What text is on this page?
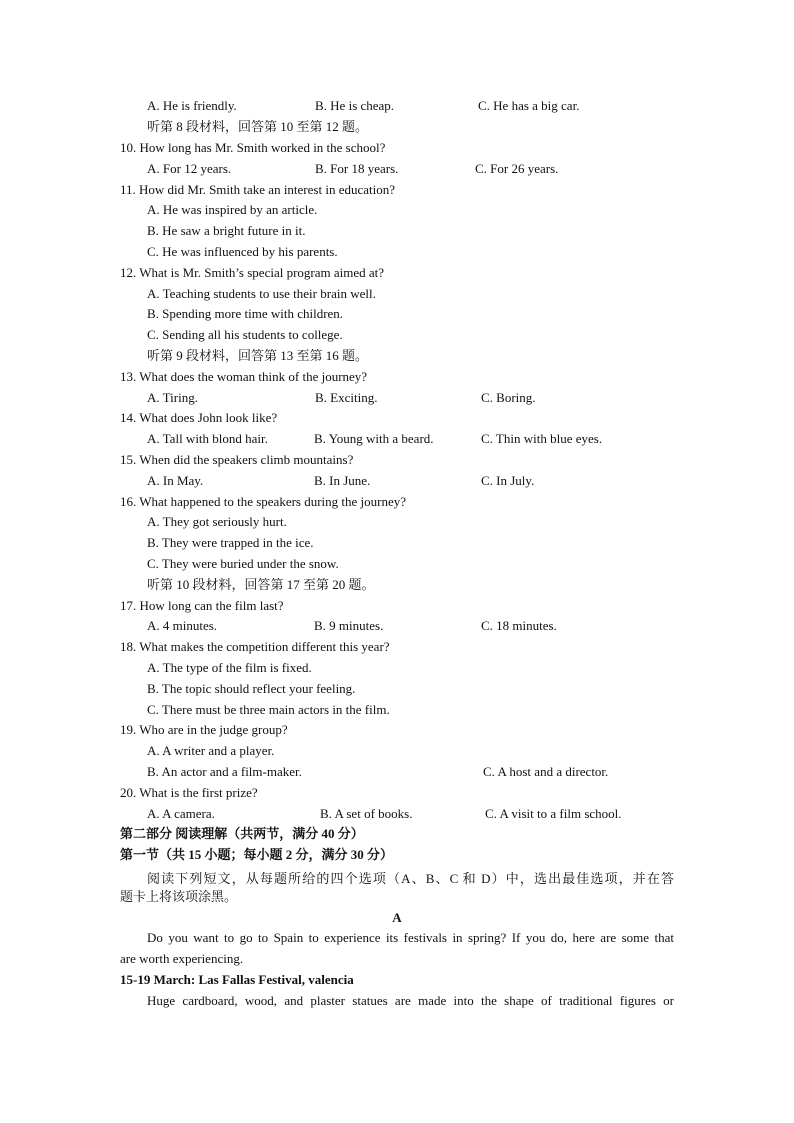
A. He is friendly.	B. He is cheap.	C. He has a big car.
听第 8 段材料，回答第 10 至第 12 题。
10. How long has Mr. Smith worked in the school?
A. For 12 years.	B. For 18 years.	C. For 26 years.
11. How did Mr. Smith take an interest in education?
A. He was inspired by an article.
B. He saw a bright future in it.
C. He was influenced by his parents.
12. What is Mr. Smith’s special program aimed at?
A. Teaching students to use their brain well.
B. Spending more time with children.
C. Sending all his students to college.
听第 9 段材料，回答第 13 至第 16 题。
13. What does the woman think of the journey?
A. Tiring.	B. Exciting.	C. Boring.
14. What does John look like?
A. Tall with blond hair.	B. Young with a beard.	C. Thin with blue eyes.
15. When did the speakers climb mountains?
A. In May.	B. In June.	C. In July.
16. What happened to the speakers during the journey?
A. They got seriously hurt.
B. They were trapped in the ice.
C. They were buried under the snow.
听第 10 段材料，回答第 17 至第 20 题。
17. How long can the film last?
A. 4 minutes.	B. 9 minutes.	C. 18 minutes.
18. What makes the competition different this year?
A. The type of the film is fixed.
B. The topic should reflect your feeling.
C. There must be three main actors in the film.
19. Who are in the judge group?
A. A writer and a player.
B. An actor and a film-maker.	C. A host and a director.
20. What is the first prize?
A. A camera.	B. A set of books.	C. A visit to a film school.
第二部分 阅读理解（共两节，满分 40 分）
第一节（共 15 小题；每小题 2 分，满分 30 分）
阅读下列短文，从每题所给的四个选项（A、B、C 和 D）中，选出最佳选项，并在答
题卡上将该项涂黑。
A
Do you want to go to Spain to experience its festivals in spring? If you do, here are some that
are worth experiencing.
15-19 March: Las Fallas Festival, valencia
Huge cardboard, wood, and plaster statues are made into the shape of traditional figures or
